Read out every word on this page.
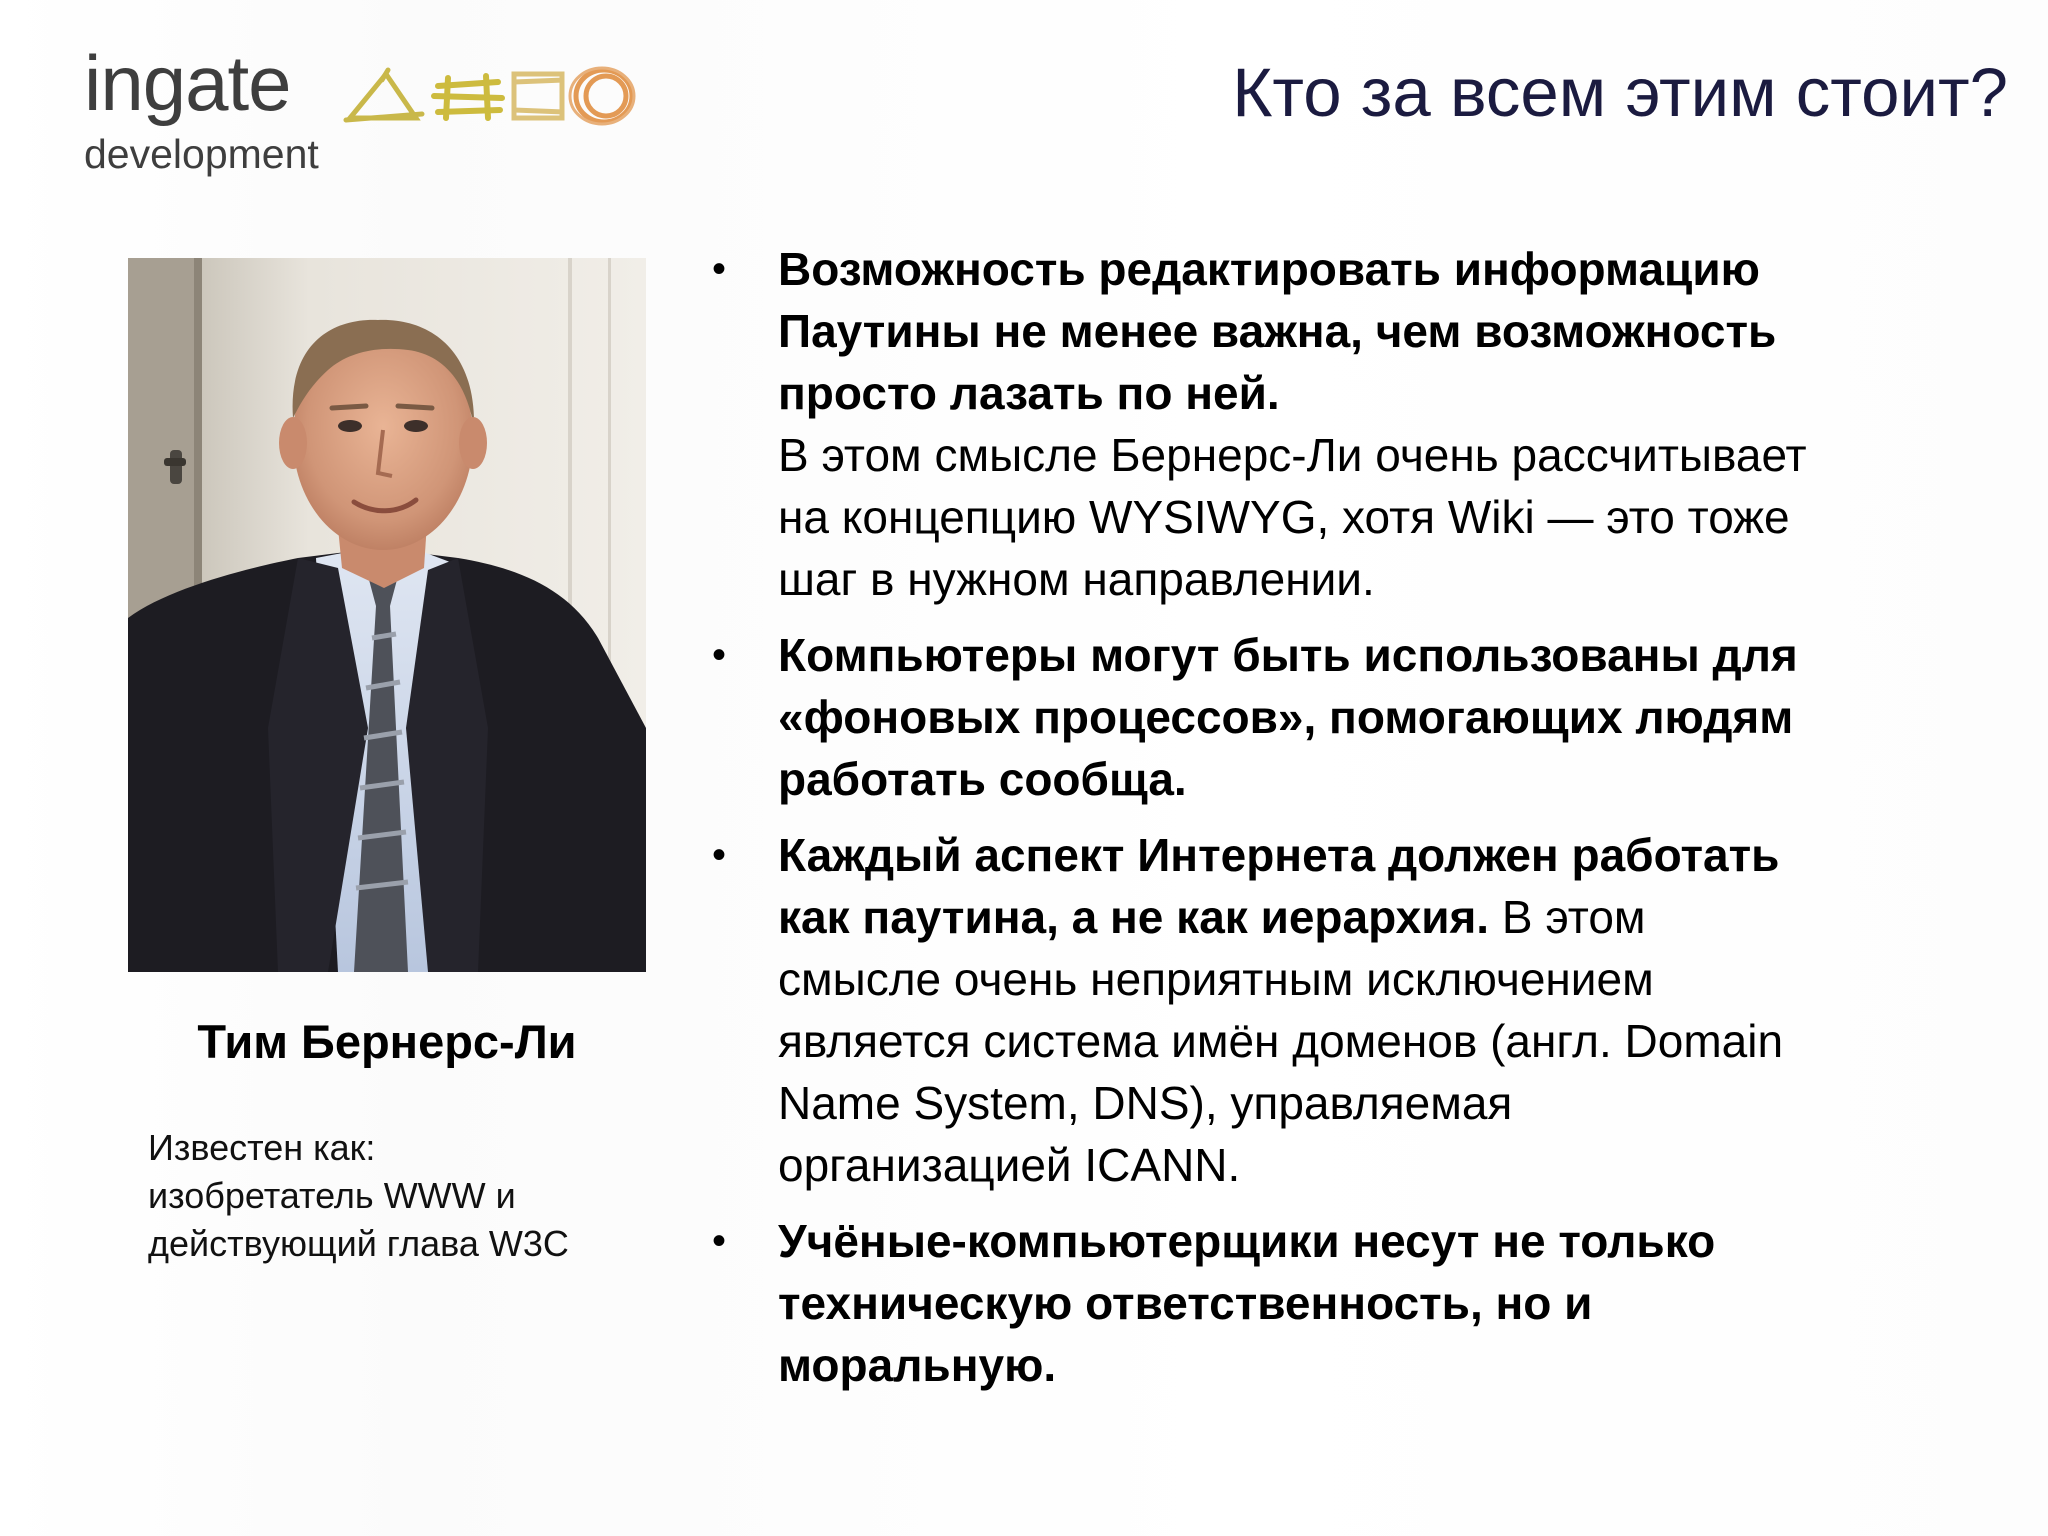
ingate
development
Кто за всем этим стоит?
Тим Бернерс-Ли
Известен как:
изобретатель WWW и
действующий глава W3C
• Возможность редактировать информацию
Паутины не менее важна, чем возможность
просто лазать по ней.
В этом смысле Бернерс-Ли очень рассчитывает
на концепцию WYSIWYG, хотя Wiki — это тоже
шаг в нужном направлении.
• Компьютеры могут быть использованы для
«фоновых процессов», помогающих людям
работать сообща.
• Каждый аспект Интернета должен работать
как паутина, а не как иерархия. В этом
смысле очень неприятным исключением
является система имён доменов (англ. Domain
Name System, DNS), управляемая
организацией ICANN.
• Учёные-компьютерщики несут не только
техническую ответственность, но и
моральную.
